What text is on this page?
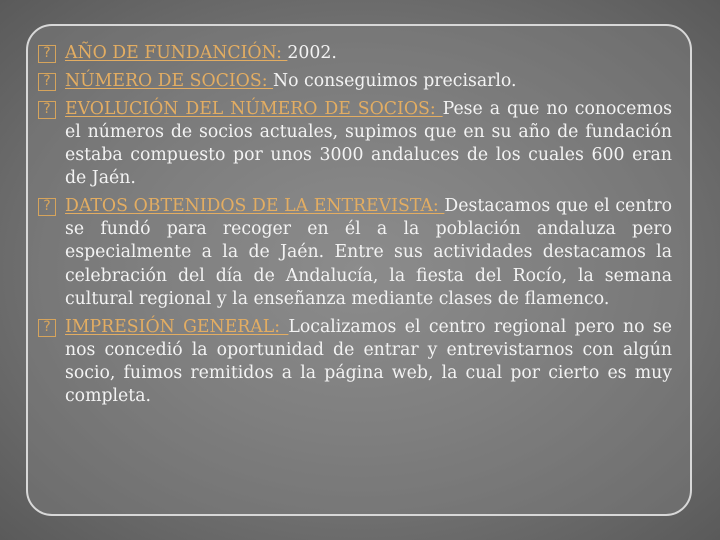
? AÑO DE FUNDANCIÓN: 2002.
? NÚMERO DE SOCIOS: No conseguimos precisarlo.
? EVOLUCIÓN DEL NÚMERO DE SOCIOS: Pese a que no conocemos el números de socios actuales, supimos que en su año de fundación estaba compuesto por unos 3000 andaluces de los cuales 600 eran de Jaén.
? DATOS OBTENIDOS DE LA ENTREVISTA: Destacamos que el centro se fundó para recoger en él a la población andaluza pero especialmente a la de Jaén. Entre sus actividades destacamos la celebración del día de Andalucía, la fiesta del Rocío, la semana cultural regional y la enseñanza mediante clases de flamenco.
? IMPRESIÓN GENERAL: Localizamos el centro regional pero no se nos concedió la oportunidad de entrar y entrevistarnos con algún socio, fuimos remitidos a la página web, la cual por cierto es muy completa.
